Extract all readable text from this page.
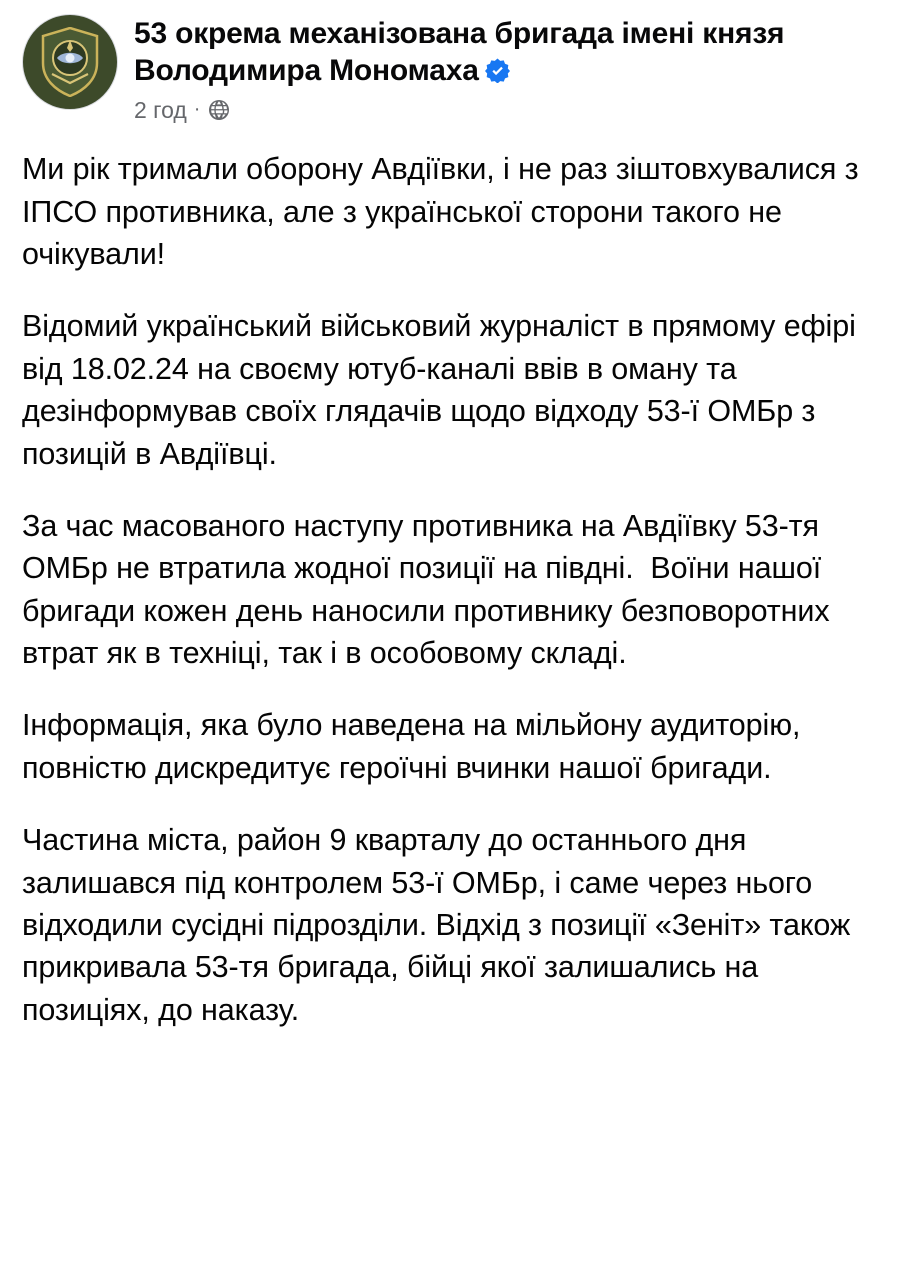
53 окрема механізована бригада імені князя Володимира Мономаха
2 год ·

Ми рік тримали оборону Авдіївки, і не раз зіштовхувалися з ІПСО противника, але з української сторони такого не очікували!

Відомий український військовий журналіст в прямому ефірі від 18.02.24 на своєму ютуб-каналі ввів в оману та дезінформував своїх глядачів щодо відходу 53-ї ОМБр з позицій в Авдіївці.

За час масованого наступу противника на Авдіївку 53-тя ОМБр не втратила жодної позиції на півдні.  Воїни нашої бригади кожен день наносили противнику безповоротних втрат як в техніці, так і в особовому складі.

Інформація, яка було наведена на мільйону аудиторію, повністю дискредитує героїчні вчинки нашої бригади.

Частина міста, район 9 кварталу до останнього дня залишався під контролем 53-ї ОМБр, і саме через нього відходили сусідні підрозділи. Відхід з позиції «Зеніт» також прикривала 53-тя бригада, бійці якої залишались на позиціях, до наказу.
